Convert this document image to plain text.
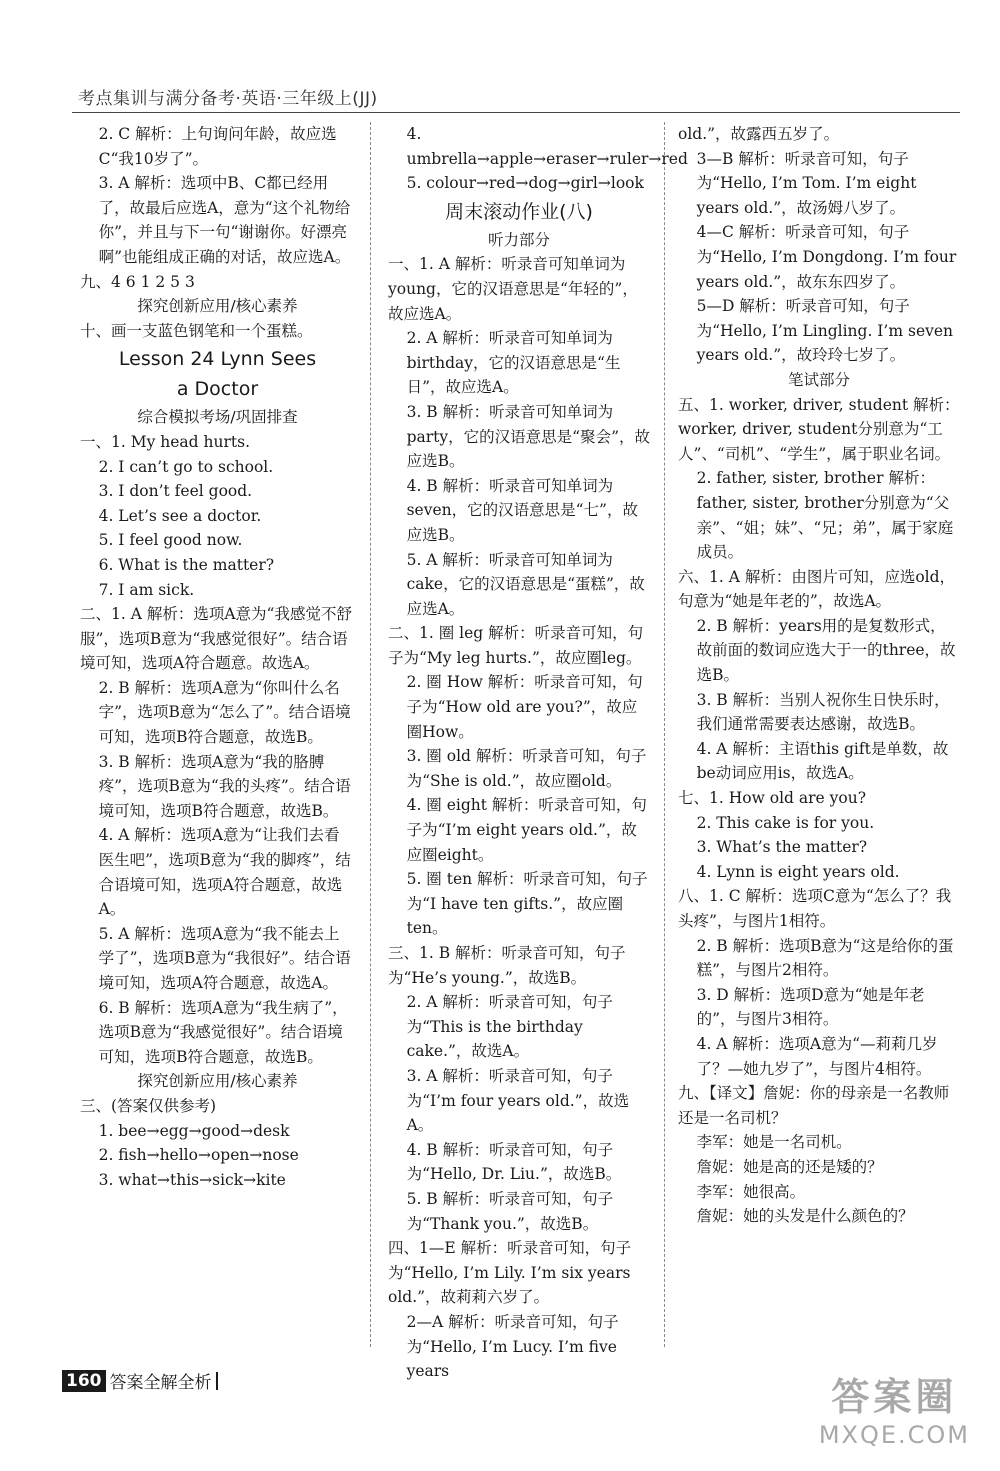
考点集训与满分备考·英语·三年级上(JJ)

2. C 解析：上句询问年龄，故应选C“我10岁了”。

3. A 解析：选项中B、C都已经用了，故最后应选A，意为“这个礼物给你”，并且与下一句“谢谢你。好漂亮啊”也能组成正确的对话，故应选A。

九、4 6 1 2 5 3

探究创新应用/核心素养

十、画一支蓝色钢笔和一个蛋糕。

Lesson 24 Lynn Sees

a Doctor

综合模拟考场/巩固排查

一、1. My head hurts.

2. I can’t go to school.

3. I don’t feel good.

4. Let’s see a doctor.

5. I feel good now.

6. What is the matter?

7. I am sick.

二、1. A 解析：选项A意为“我感觉不舒服”，选项B意为“我感觉很好”。结合语境可知，选项A符合题意。故选A。

2. B 解析：选项A意为“你叫什么名字”，选项B意为“怎么了”。结合语境可知，选项B符合题意，故选B。

3. B 解析：选项A意为“我的胳膊疼”，选项B意为“我的头疼”。结合语境可知，选项B符合题意，故选B。

4. A 解析：选项A意为“让我们去看医生吧”，选项B意为“我的脚疼”，结合语境可知，选项A符合题意，故选A。

5. A 解析：选项A意为“我不能去上学了”，选项B意为“我很好”。结合语境可知，选项A符合题意，故选A。

6. B 解析：选项A意为“我生病了”，选项B意为“我感觉很好”。结合语境可知，选项B符合题意，故选B。

探究创新应用/核心素养

三、(答案仅供参考)

1. bee→egg→good→desk

2. fish→hello→open→nose

3. what→this→sick→kite

4. umbrella→apple→eraser→ruler→red

5. colour→red→dog→girl→look

周末滚动作业(八)

听力部分

一、1. A 解析：听录音可知单词为young，它的汉语意思是“年轻的”，故应选A。

2. A 解析：听录音可知单词为birthday，它的汉语意思是“生日”，故应选A。

3. B 解析：听录音可知单词为party，它的汉语意思是“聚会”，故应选B。

4. B 解析：听录音可知单词为seven，它的汉语意思是“七”，故应选B。

5. A 解析：听录音可知单词为cake，它的汉语意思是“蛋糕”，故应选A。

二、1. 圈 leg 解析：听录音可知，句子为“My leg hurts.”，故应圈leg。

2. 圈 How 解析：听录音可知，句子为“How old are you?”，故应圈How。

3. 圈 old 解析：听录音可知，句子为“She is old.”，故应圈old。

4. 圈 eight 解析：听录音可知，句子为“I’m eight years old.”，故应圈eight。

5. 圈 ten 解析：听录音可知，句子为“I have ten gifts.”，故应圈ten。

三、1. B 解析：听录音可知，句子为“He’s young.”，故选B。

2. A 解析：听录音可知，句子为“This is the birthday cake.”，故选A。

3. A 解析：听录音可知，句子为“I’m four years old.”，故选A。

4. B 解析：听录音可知，句子为“Hello, Dr. Liu.”，故选B。

5. B 解析：听录音可知，句子为“Thank you.”，故选B。

四、1—E 解析：听录音可知，句子为“Hello, I’m Lily. I’m six years old.”，故莉莉六岁了。

2—A 解析：听录音可知，句子为“Hello, I’m Lucy. I’m five years

old.”，故露西五岁了。

3—B 解析：听录音可知，句子为“Hello, I’m Tom. I’m eight years old.”，故汤姆八岁了。

4—C 解析：听录音可知，句子为“Hello, I’m Dongdong. I’m four years old.”，故东东四岁了。

5—D 解析：听录音可知，句子为“Hello, I’m Lingling. I’m seven years old.”，故玲玲七岁了。

笔试部分

五、1. worker, driver, student 解析：worker, driver, student分别意为“工人”、“司机”、“学生”，属于职业名词。

2. father, sister, brother 解析：father, sister, brother分别意为“父亲”、“姐；妹”、“兄；弟”，属于家庭成员。

六、1. A 解析：由图片可知，应选old，句意为“她是年老的”，故选A。

2. B 解析：years用的是复数形式，故前面的数词应选大于一的three，故选B。

3. B 解析：当别人祝你生日快乐时，我们通常需要表达感谢，故选B。

4. A 解析：主语this gift是单数，故be动词应用is，故选A。

七、1. How old are you?

2. This cake is for you.

3. What’s the matter?

4. Lynn is eight years old.

八、1. C 解析：选项C意为“怎么了？我头疼”，与图片1相符。

2. B 解析：选项B意为“这是给你的蛋糕”，与图片2相符。

3. D 解析：选项D意为“她是年老的”，与图片3相符。

4. A 解析：选项A意为“—莉莉几岁了？—她九岁了”，与图片4相符。

九、【译文】詹妮：你的母亲是一名教师还是一名司机？

李军：她是一名司机。

詹妮：她是高的还是矮的？

李军：她很高。

詹妮：她的头发是什么颜色的？

160 答案全解全析	答案圈
MXQE.COM
